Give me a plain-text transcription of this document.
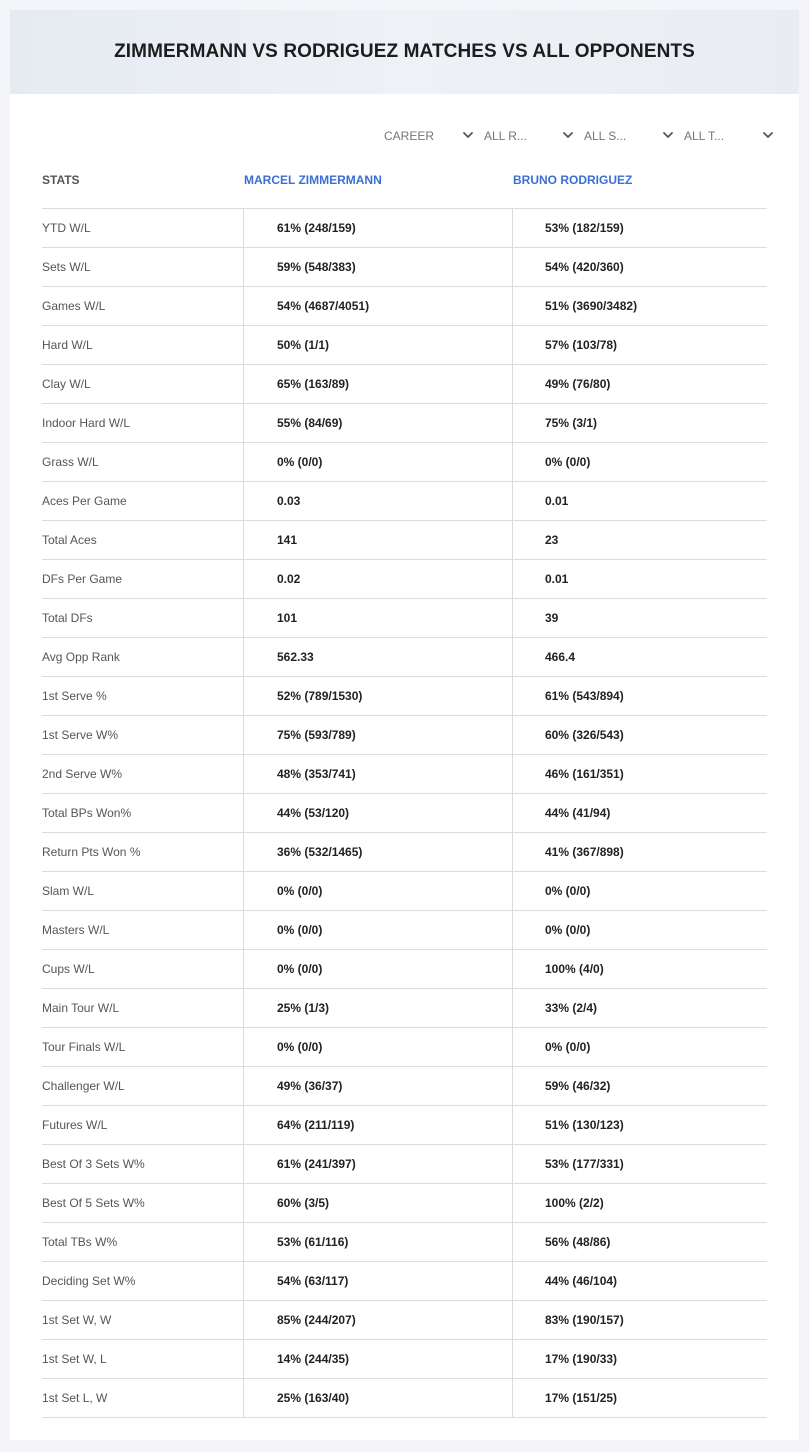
ZIMMERMANN VS RODRIGUEZ MATCHES VS ALL OPPONENTS
CAREER	ALL R...	ALL S...	ALL T...
STATS	MARCEL ZIMMERMANN	BRUNO RODRIGUEZ
YTD W/L	61% (248/159)	53% (182/159)
Sets W/L	59% (548/383)	54% (420/360)
Games W/L	54% (4687/4051)	51% (3690/3482)
Hard W/L	50% (1/1)	57% (103/78)
Clay W/L	65% (163/89)	49% (76/80)
Indoor Hard W/L	55% (84/69)	75% (3/1)
Grass W/L	0% (0/0)	0% (0/0)
Aces Per Game	0.03	0.01
Total Aces	141	23
DFs Per Game	0.02	0.01
Total DFs	101	39
Avg Opp Rank	562.33	466.4
1st Serve %	52% (789/1530)	61% (543/894)
1st Serve W%	75% (593/789)	60% (326/543)
2nd Serve W%	48% (353/741)	46% (161/351)
Total BPs Won%	44% (53/120)	44% (41/94)
Return Pts Won %	36% (532/1465)	41% (367/898)
Slam W/L	0% (0/0)	0% (0/0)
Masters W/L	0% (0/0)	0% (0/0)
Cups W/L	0% (0/0)	100% (4/0)
Main Tour W/L	25% (1/3)	33% (2/4)
Tour Finals W/L	0% (0/0)	0% (0/0)
Challenger W/L	49% (36/37)	59% (46/32)
Futures W/L	64% (211/119)	51% (130/123)
Best Of 3 Sets W%	61% (241/397)	53% (177/331)
Best Of 5 Sets W%	60% (3/5)	100% (2/2)
Total TBs W%	53% (61/116)	56% (48/86)
Deciding Set W%	54% (63/117)	44% (46/104)
1st Set W, W	85% (244/207)	83% (190/157)
1st Set W, L	14% (244/35)	17% (190/33)
1st Set L, W	25% (163/40)	17% (151/25)
